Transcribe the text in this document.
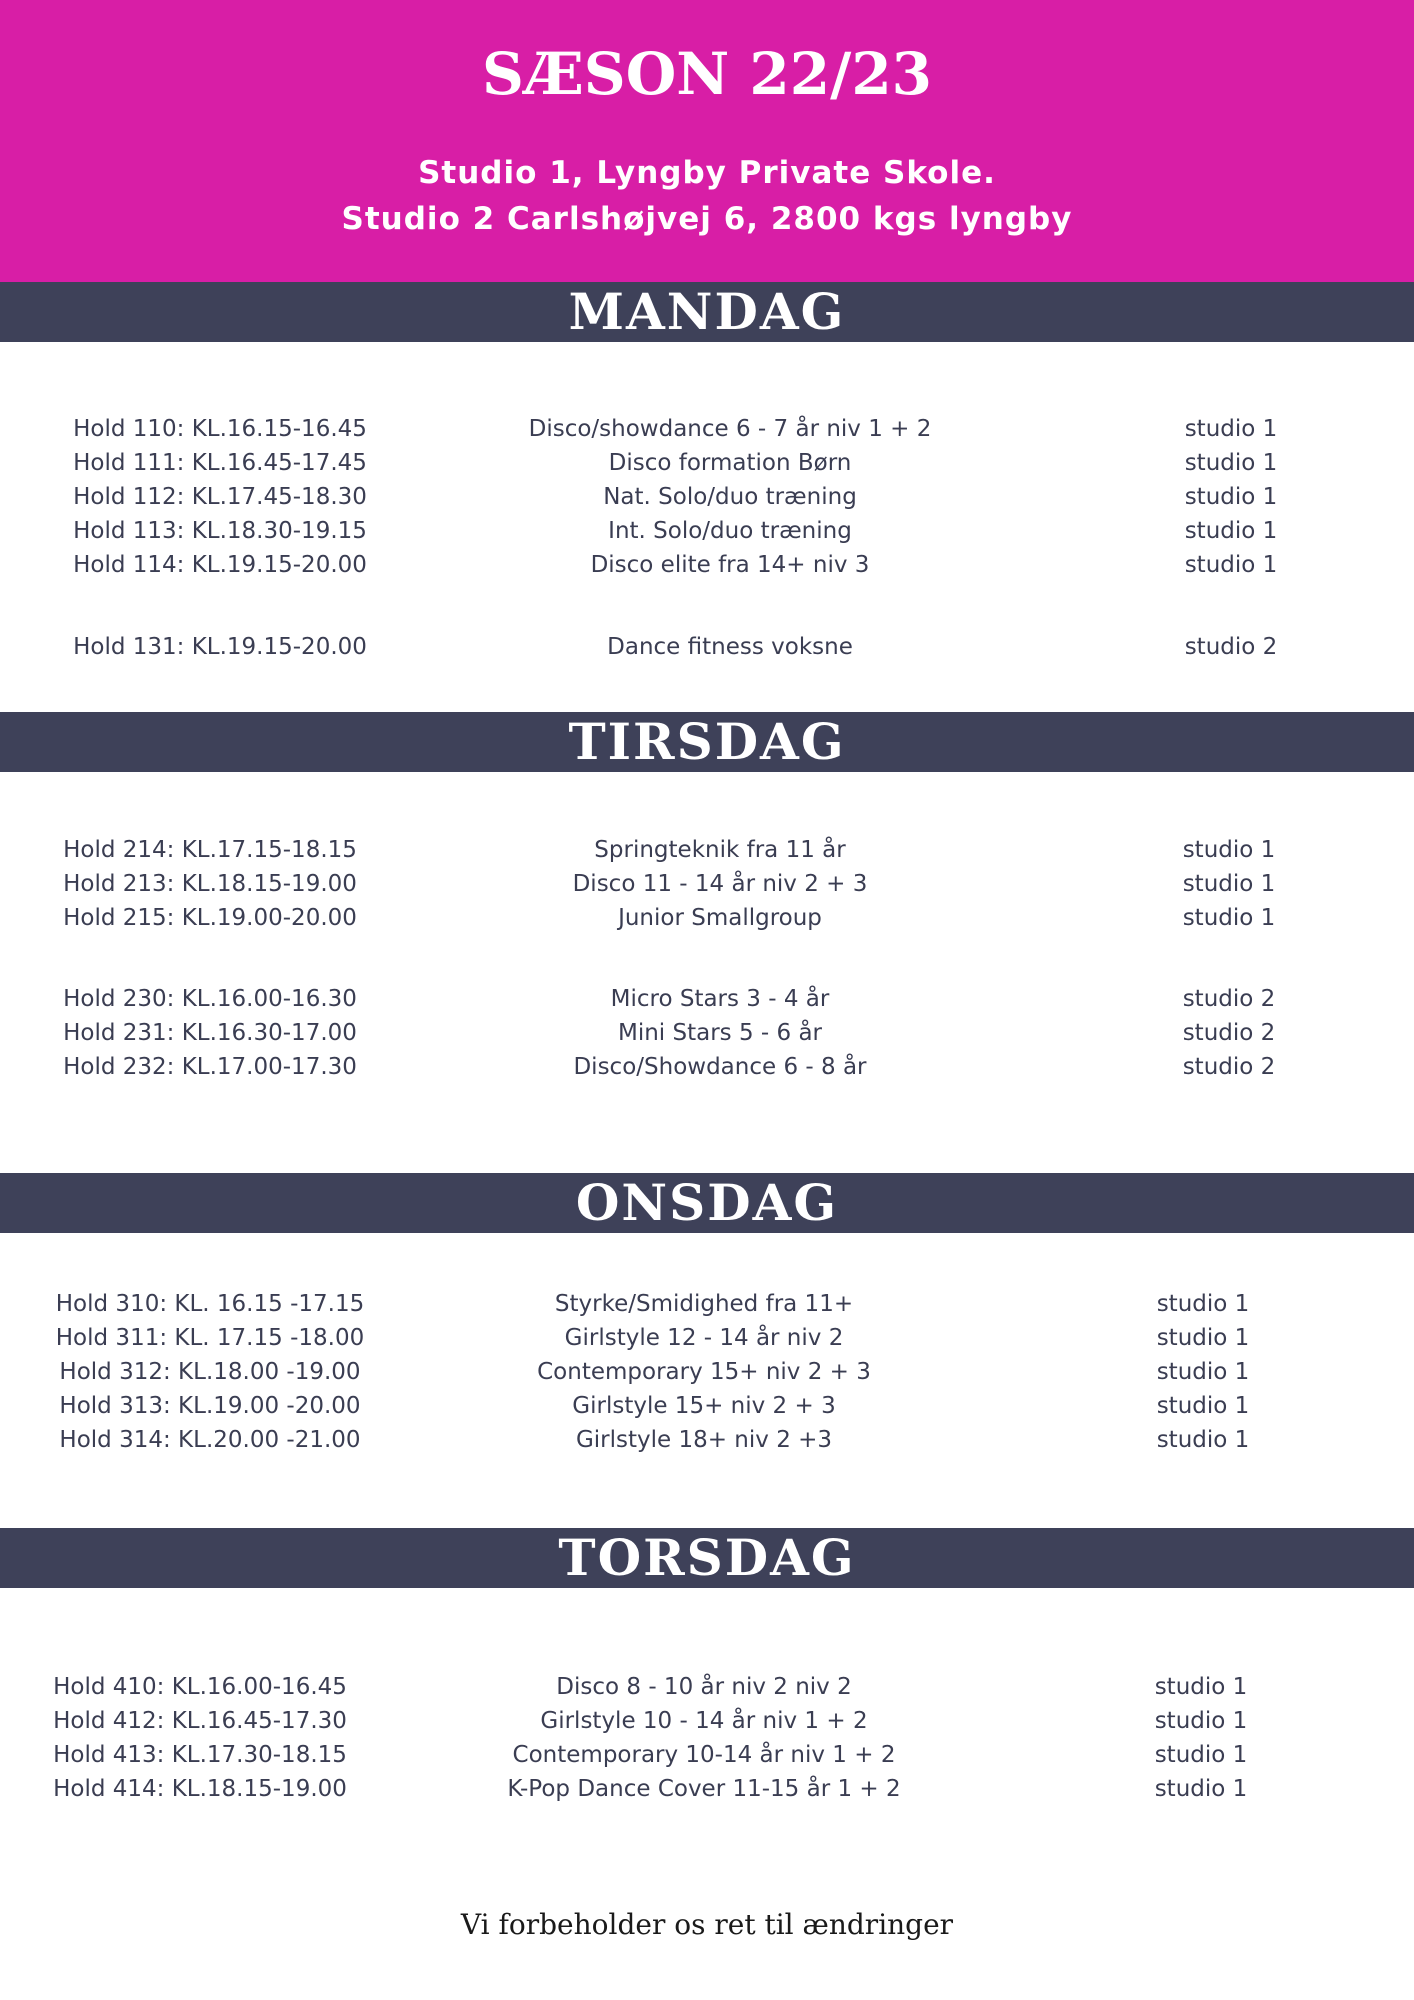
SÆSON 22/23
Studio 1, Lyngby Private Skole.
Studio 2 Carlshøjvej 6, 2800 kgs lyngby
MANDAG
Hold 110: KL.16.15-16.45	Disco/showdance 6 - 7 år niv 1 + 2	studio 1
Hold 111: KL.16.45-17.45	Disco formation Børn	studio 1
Hold 112: KL.17.45-18.30	Nat. Solo/duo træning	studio 1
Hold 113: KL.18.30-19.15	Int. Solo/duo træning	studio 1
Hold 114: KL.19.15-20.00	Disco elite fra 14+ niv 3	studio 1
Hold 131: KL.19.15-20.00	Dance fitness voksne	studio 2
TIRSDAG
Hold 214: KL.17.15-18.15	Springteknik fra 11 år	studio 1
Hold 213: KL.18.15-19.00	Disco 11 - 14 år niv 2 + 3	studio 1
Hold 215: KL.19.00-20.00	Junior Smallgroup	studio 1
Hold 230: KL.16.00-16.30	Micro Stars 3 - 4 år	studio 2
Hold 231: KL.16.30-17.00	Mini Stars 5 - 6 år	studio 2
Hold 232: KL.17.00-17.30	Disco/Showdance 6 - 8 år	studio 2
ONSDAG
Hold 310: KL. 16.15 -17.15	Styrke/Smidighed fra 11+	studio 1
Hold 311: KL. 17.15 -18.00	Girlstyle 12 - 14 år niv 2	studio 1
Hold 312: KL.18.00 -19.00	Contemporary 15+ niv 2 + 3	studio 1
Hold 313: KL.19.00 -20.00	Girlstyle 15+ niv 2 + 3	studio 1
Hold 314: KL.20.00 -21.00	Girlstyle 18+ niv 2 +3	studio 1
TORSDAG
Hold 410: KL.16.00-16.45	Disco 8 - 10 år niv 2 niv 2	studio 1
Hold 412: KL.16.45-17.30	Girlstyle 10 - 14 år niv 1 + 2	studio 1
Hold 413: KL.17.30-18.15	Contemporary 10-14 år niv 1 + 2	studio 1
Hold 414: KL.18.15-19.00	K-Pop Dance Cover 11-15 år 1 + 2	studio 1
Vi forbeholder os ret til ændringer
